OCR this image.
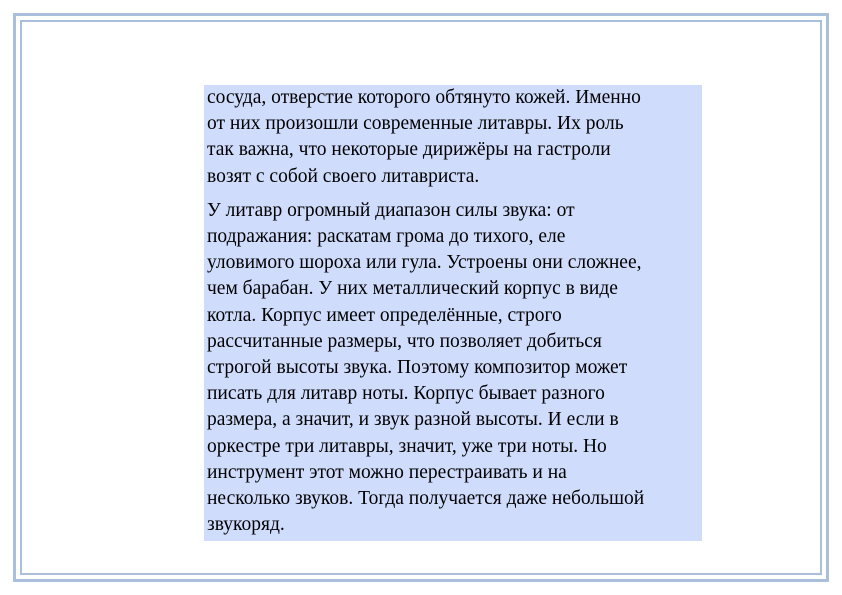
сосуда, отверстие которого обтянуто кожей. Именно
от них произошли современные литавры. Их роль
так важна, что некоторые дирижёры на гастроли
возят с собой своего литавриста.

У литавр огромный диапазон силы звука: от
подражания: раскатам грома до тихого, еле
уловимого шороха или гула. Устроены они сложнее,
чем барабан. У них металлический корпус в виде
котла. Корпус имеет определённые, строго
рассчитанные размеры, что позволяет добиться
строгой высоты звука. Поэтому композитор может
писать для литавр ноты. Корпус бывает разного
размера, а значит, и звук разной высоты. И если в
оркестре три литавры, значит, уже три ноты. Но
инструмент этот можно перестраивать и на
несколько звуков. Тогда получается даже небольшой
звукоряд.
